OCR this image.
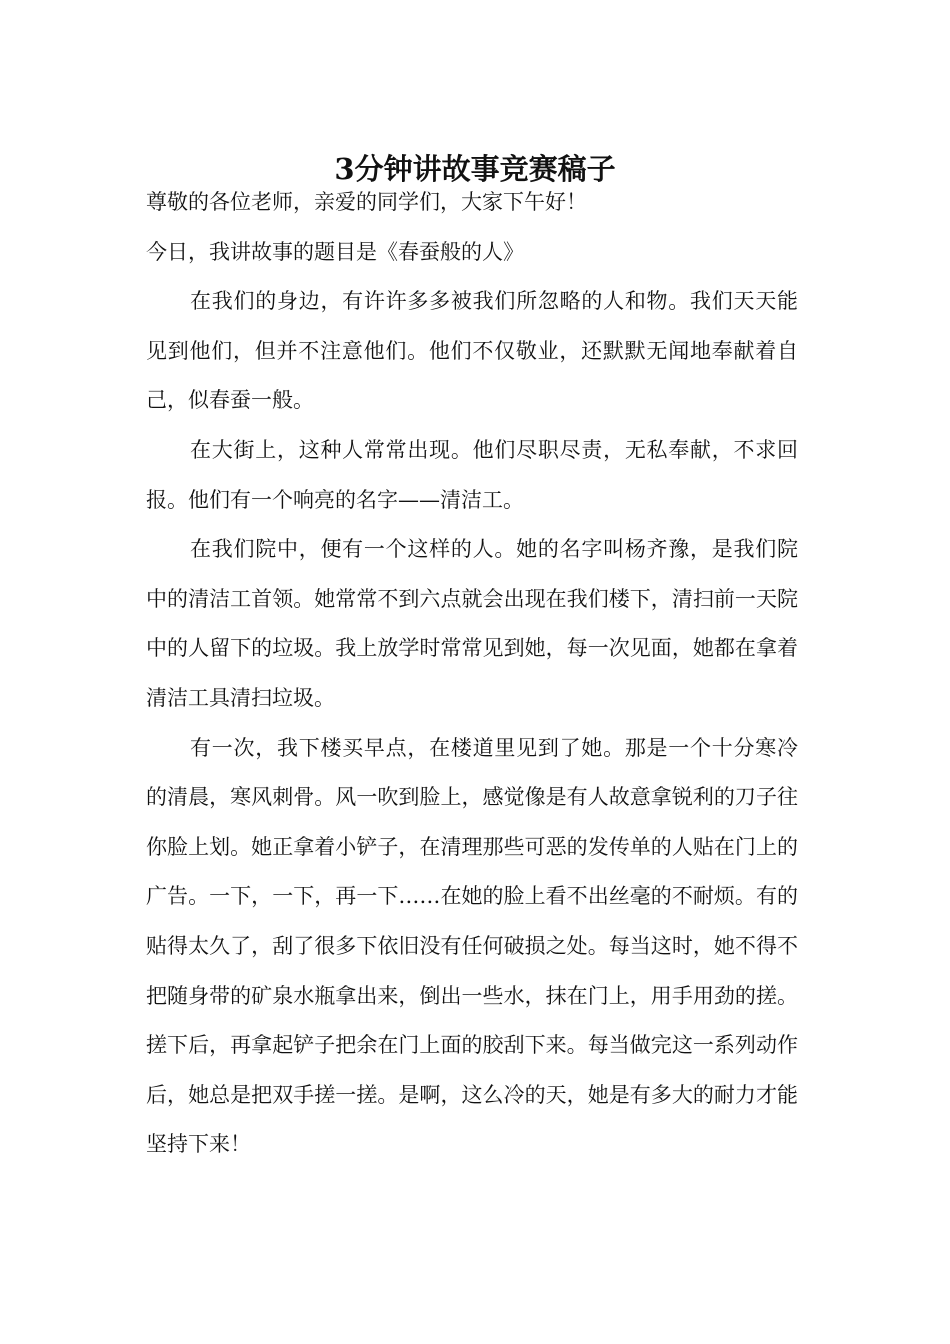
3分钟讲故事竞赛稿子

尊敬的各位老师，亲爱的同学们，大家下午好！

今日，我讲故事的题目是《春蚕般的人》

在我们的身边，有许许多多被我们所忽略的人和物。我们天天能见到他们，但并不注意他们。他们不仅敬业，还默默无闻地奉献着自己，似春蚕一般。

在大街上，这种人常常出现。他们尽职尽责，无私奉献，不求回报。他们有一个响亮的名字——清洁工。

在我们院中，便有一个这样的人。她的名字叫杨齐豫，是我们院中的清洁工首领。她常常不到六点就会出现在我们楼下，清扫前一天院中的人留下的垃圾。我上放学时常常见到她，每一次见面，她都在拿着清洁工具清扫垃圾。

有一次，我下楼买早点，在楼道里见到了她。那是一个十分寒冷的清晨，寒风刺骨。风一吹到脸上，感觉像是有人故意拿锐利的刀子往你脸上划。她正拿着小铲子，在清理那些可恶的发传单的人贴在门上的广告。一下，一下，再一下……在她的脸上看不出丝毫的不耐烦。有的贴得太久了，刮了很多下依旧没有任何破损之处。每当这时，她不得不把随身带的矿泉水瓶拿出来，倒出一些水，抹在门上，用手用劲的搓。搓下后，再拿起铲子把余在门上面的胶刮下来。每当做完这一系列动作后，她总是把双手搓一搓。是啊，这么冷的天，她是有多大的耐力才能坚持下来！
